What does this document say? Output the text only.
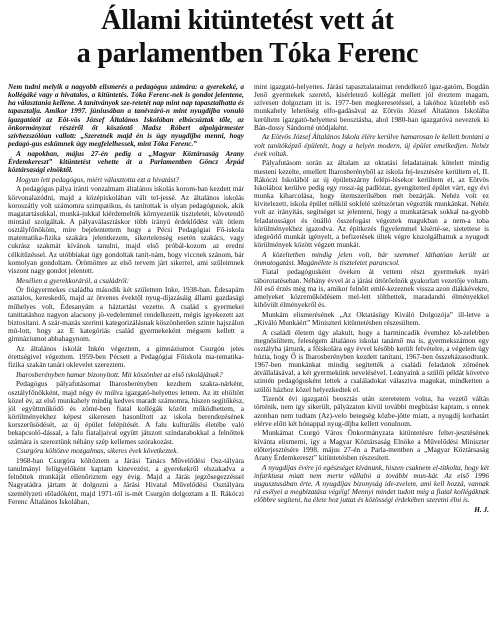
Állami kitüntetést vett át
a parlamentben Tóka Ferenc

Nem tudni melyik a nagyobb elismerés a pedagógus számára: a gyerekeké, a kollégáké vagy a hivatalos, a kitüntetés. Tóka Ferenc-nek is gondot jelentene, ha választania kellene. A tanítványok sze-retetét nap mint nap tapasztalhatta és tapasztalja. Amikor 1997. júniusában a tanévzáró-n mint nyugdíjba vonuló igazgatótól az Eöt-vös József Általános Iskolában elbúcsúztak tőle, az önkormányzat részéről őt köszöntő Madsz Róbert alpolgármester szívhezszólóan vallott: „Szeretnék majd én is úgy nyugdíjba menni, hogy pedagó-gus eskümnek úgy megfelelhessek, mint Tóka Ferenc.”

A napokban, május 27-én pedig a „Magyar Köztársaság Arany Érdemkereszt” kitüntetést vehette át a Parlamentben Göncz Árpád köztársasági elnöktől.

Hogyan lett pedagógus, miért választotta ezt a hivatást?

A pedagógus pálya iránti vonzalmam általános iskolás korom-ban kezdett már körvonalazódni, majd a középiskolában vált tel-jessé. Az általános iskolás koroszátly volt számomra szimpatikus, és tanítottak is olyan pedagógusok, akik magatartásukkal, munká-jukkal kiérdemelték környezetük tiszteletét, követendő mintául szolgáltak. A pályaválasztáskor több irányú érdeklődést vált ötlem osztályfőnököm, mire bejelentettem hogy a Pécsi Pedagógiai Fő-iskola matematika-fizika szakára jelentkezem, sikertelenség esetén szakács, vagy cukrász szakmát kívánok tanulni, majd első próbál-kozom az eredni célkitűzéssel. Az utóbbiakat úgy gondoltak tanít-nám, hogy viccnek szánom, bár komolyan gondoltam. Örömömre az első tervem járt sikerrel, ami szüleimnek viszont nagy gondot jelentett.

Mesélien a gyerekkoráról, a családról:

Ör fiúgyermekes családba második két születtem Inke, 1938-ban. Édesapám asztalos, kereskedő, majd az ötvenes évektől nyug-díjazásáig állami gazdasági műhelyes volt, Édesanyám a háztartást vezette. A család s gyermekei tanittatáshoz nagyon alacsony jö-vedelemmel rendelkezett, mégis igyekezett azt biztosítani. A szár-mazás szerinti kategorizálásnak köszönhetően szinte hajszálon mú-lott, hogy az E kategóriás család gyermekeként mégsem kellett a gimnáziumot abbahagynom.

Az általános iskolát Inkén végeztem, a gimnáziumot Csurgón jeles érettségivel végeztem. 1959-ben Pécsett a Pedagógiai Főiskola ma-tematika-fizika szakán tanári oklevelet szereztem.

Iharosberényben hamar bizonyított. Mit köszönhet az első iskolájának?

Pedagógus pályafutásomat Iharosberényben kezdtem szakta-nárként, osztályfőnökként, majd négy év múlva igazgató-helyettes lettem. Az itt eltöltött közel év, az első munkahely mindig kedves maradt számomra, hiszen segítőkész, jól együttműködő és zömé-ben fiatal kollégák között működhettem, a körülményekhez képest sikeresen hasonlított az iskola berendezésének korszerűsödését, az új épület felépítését. A falu kulturális életébe való bekapcsoló-dással, a falu fiataljaival együtt játszott színdarabokkal a felnőttek számára is szereztünk néhány szép kellemes szórakozást.

Csurgóra költözve mozgalmas, sikeres évek következtek.

1968-ban Csurgóra költöztem a Járási Tanács Művelődési Osz-tályára tanulmányi felügyelőként kaptam kinevezést, a gyerekekről elszakadva a felnőttek munkáját ellenőriztem egy évig. Majd a Járás jegzősegezzéssel Nagyatádra jártam át dolgozni a Járási Hivatal Művelődési Osztályára személyzeti előadóként, majd 1971-től is-mét Csurgón dolgoztam a II. Rákóczi Ferenc Általános Iskolában,

mint igazgató-helyettes. Járási tapasztalataimat rendelkező igaz-gatóm, Bogdán Jenő gyermekek szerető, kisérletező kollégát mellett jól éreztem magam, szívesen dolgoztam itt is. 1977-ben megkeresetéssel, a lakóhoz közelebb eső munkahely lehetőség elfo-gadásával az Eötvös József Általános Iskolába kerültem igazgató-helyettesi beosztásba, ahol 1980-ban igazgatóvá neveztek ki Bán-dossy Sándorné utódjaként.

Az Eötvös József Általános Iskola élére kerülve hamarosan le kellett bontani a volt tanítóképző épületét, hogy a helyén modern, új épület emelkedjen. Nehéz évek voltak.

Pályafutásom során az általam az oktatási feladatainak kötelett mindig mesteni kezelte, emellett Iharosberényből az iskola fej-lesztésére kerültem el, II. Rákóczi Iskolából az új épületszárny felépi-lésekor kerültem el, az Eötvös Iskolához kerülve pedig egy rossz-ág padlózat, gyengítetted épület várt, egy évi munka kiharcolása, hogy ütemszerűsében mét bezárják. Nehéz volt ez kivitelezett, iskola épület nélkül sokfelé szétszórtan végeztük munkánkat. Nehéz volt az irányítás, segítséget sz jelenteni, hogy a munkatársak sokkal na-gyobb feladatosságot és önálló összefogást végeztek magukban a nem-a toba körülményekhez igazodva. Az építkezés figyelemmel kísérté-se, sietettese is idegeőrlő munkát igényelt, a befizetések ültek végre kiszolgálhattuk a nyugodt körülmények között végzett munkát.

A közeltetben mindig jelen volt, bár szemmel láthatóan került az önmutogatást. Magánélete is tiszteletet parancsol.

Fiatal pedagógusként öveken át vettem részt gyermekek nyári táborotatéseban. Néhány évvel át a járási úttörőelnök gyakorlatt vezetője voltam. Jól eső érzés még ma is, amikor felnőtt emlé-kezeznek vissza azon diákkévekre, amelyeket közreműködésem mel-lett tölthettek, maradandó élményekkel kibővült élményekről és.

Munkám elismerésének „Az Oktatásügy Kiváló Dolgozója” ill-letve a „Kiváló Munkáért” Miniszteri kitüntetésben részesültem.

A családi életem úgy alakult, hogy a harmincadik évemhez kö-zelebben megnősültem, feleségem általános iskolai tanárnő ma is, gyermekszámon egy osztályba jártunk, a főiskolára egy évvel később került felvételre, a végelem úgy húzta, hogy Ő is Iharosberényben kezdett tanítani, 1967-ben összeházasodtunk. 1967-ben munkánkat mindig segítették a családi feladatok zömének átvállalásával, a két gyermekünk nevelésével. Leányaink a szülői példát követve szintén pedagógusként lettek a csaláladokat választva magukat, mindketten a szülői házhoz közel helyezkedtek el.

Tizenöt évi igazgatói beosztás után szeretetem volna, ha vezető váltás történik, nem így sikerült, pályázaton kívül további megbízást kaptam, s ennek azonban nem tudtam (Az)-velo betegség közbe-jötte miatt, a nyugdíj korhatárt elérve előtt két hónappal nyug-díjba kellett vonulnom.

Munkámat Csurgó Város Önkormányzata kitüntetésre felter-jesztésének kívánta elismerni, így a Magyar Köztársaság Elnöke a Művelődési Miniszter előterjesztésére 1998. május 27-én a Parla-mentben a „Magyar Köztársaság Arany Érdemkereszt” kitüntetésben részesített.

A nyugdíjas évére jó egészséget kívánunk, hiszen csaknem el-titkolta, hogy két infarktusa miatt nem merte vállalni a további mun-kát. Az első 1996 augusztusában érte. A nyugdíjas bizonyság ide-zvelem, ami kell hozzá, vannak rá esélyei a megbízatása végéig! Mennyi mindet tudott még a fiatal kollégáknak előbbre segíteni, ha élete hoz juttat és közösségi érdekében szeretni élni is.

H. J.
